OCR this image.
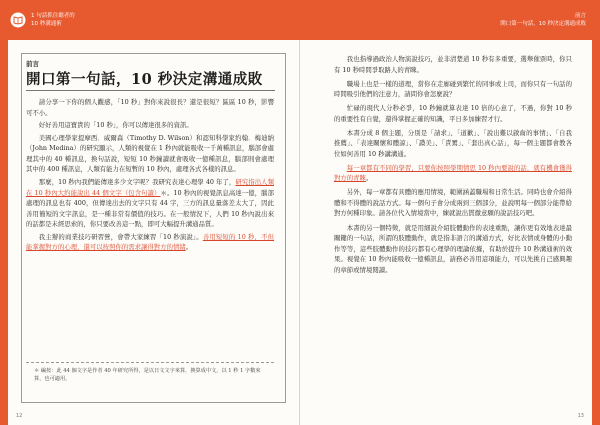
1 句話抓住聽者的
10 秒溝通術
前言
開口第一句話，10 秒決定溝通成敗
前言
開口第一句話，10 秒決定溝通成敗

請分享一下你的個人觀感，「10 秒」對你來說很長？還是很短？區區 10 秒，影響可不小。

好好善用這寶貴的「10 秒」，你可以傳達很多的資訊。

美國心理學家提摩西．威爾森（Timothy D. Wilson）和認知科學家約翰．梅迪納（John Medina）的研究顯示，人類的視覺在 1 秒內就能吸收一千萬種訊息，腦部會處理其中的 40 種訊息，換句話說，短短 10 秒鐘讀就會吸收一億種訊息，腦部則會處理其中的 400 種訊息，人類有能力在短暫的 10 秒內，處理各式各樣的訊息。

那麼，10 秒內我們能傳達多少文字呢？我研究表達心理學 40 年了，研究指出人類在 10 秒內大約能說出 44 個文字（包含句讀）＊。10 秒內的視覺訊息高達一億，腦部處理的訊息也有 400，但傳達出去的文字只有 44 字，三方的訊息量落差太大了，因此善用簡短的文字訊息，是一種非常有價值的技巧。在一般情況下，人們 10 秒內說出來的話都是未經思索的，你只要改善這一點，即可大幅提升溝通品質。

我主辦的商業技巧研習營，會帶大家練習「10 秒演說」。善用短短的 10 秒，不但能掌握對方的心理，還可以按照你的需求讓得對方的情緒。

＊ 編按：此 44 個文字是作者 40 年研究所得，是以日文文字來算，換算成中文，以 1 秒 1 字數來算，也可適用。
12

我也指導過政治人物演說技巧，並非清楚道 10 秒有多重要，選舉催票時，你只有 10 秒時間爭取路人的青睞。

職場上也是一樣的道理，當你在走廊碰到繁忙的同事或上司，而你只有一句話的時間吸引他們的注意力，請問你會怎麼說？

忙碌的現代人分秒必爭，10 秒鐘就算表達 10 倍的心意了，不過，你對 10 秒的重要性有自覺，還得掌握正確的知識，平日多加練習才行。

本書分成 8 個主題，分別是「請求」、「道歉」、「說出難以啟齒的事情」、「自我推薦」、「表達關懷和體諒」、「讚美」、「責罵」、「套出真心話」，每一個主題都會教各位如何善用 10 秒講溝通。

每一章都有不同的學習，只要你按照學期情思 10 秒內要說的話，就有機會獲得對方的青睞。

另外，每一章都有具體的應用情境，範圍涵蓋職場和日常生活。同時也會介紹得體和不得體的說話方式。每一個句子會分成兩到三個部分，並說明每一個部分能帶給對方何種印象。請各位代入情境當中，練就說出貫徹意願的說話技巧吧。

本書的另一個特徵，就是用細說介紹肢體動作的表達重點，讓你更有效地表達最關鍵的一句話，所謂的肢體動作，就是指非語言的溝通方式，好比表情或身體的小動作等等，這些肢體動作的技巧都有心理學的理論依據，有助於提升 10 秒溝通術的效果。視覺在 10 秒內能吸收一億種訊息，請務必善用這項能力，可以先挑自己感興趣的章節或情境閱讀。

13
